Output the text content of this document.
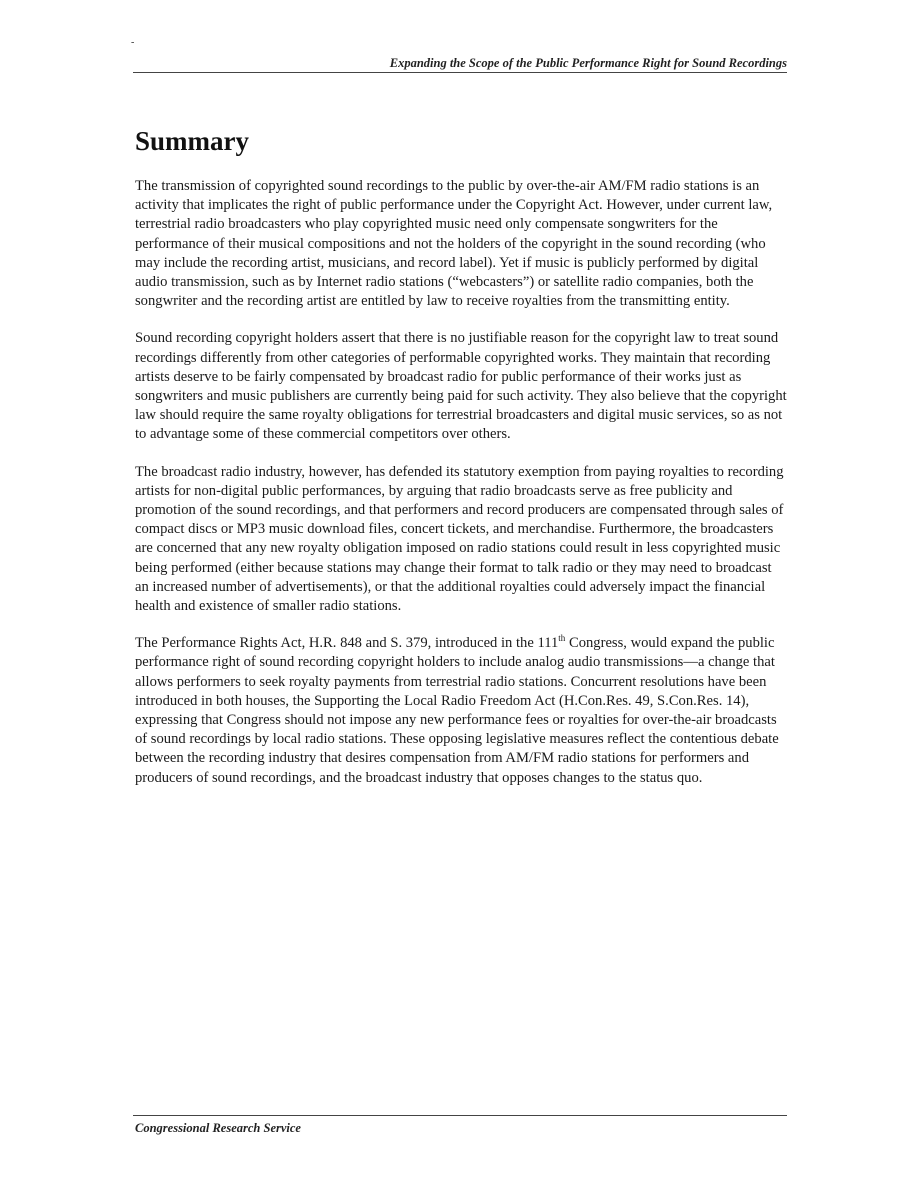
-
Expanding the Scope of the Public Performance Right for Sound Recordings
Summary

The transmission of copyrighted sound recordings to the public by over-the-air AM/FM radio stations is an activity that implicates the right of public performance under the Copyright Act. However, under current law, terrestrial radio broadcasters who play copyrighted music need only compensate songwriters for the performance of their musical compositions and not the holders of the copyright in the sound recording (who may include the recording artist, musicians, and record label). Yet if music is publicly performed by digital audio transmission, such as by Internet radio stations (“webcasters”) or satellite radio companies, both the songwriter and the recording artist are entitled by law to receive royalties from the transmitting entity.

Sound recording copyright holders assert that there is no justifiable reason for the copyright law to treat sound recordings differently from other categories of performable copyrighted works. They maintain that recording artists deserve to be fairly compensated by broadcast radio for public performance of their works just as songwriters and music publishers are currently being paid for such activity. They also believe that the copyright law should require the same royalty obligations for terrestrial broadcasters and digital music services, so as not to advantage some of these commercial competitors over others.

The broadcast radio industry, however, has defended its statutory exemption from paying royalties to recording artists for non-digital public performances, by arguing that radio broadcasts serve as free publicity and promotion of the sound recordings, and that performers and record producers are compensated through sales of compact discs or MP3 music download files, concert tickets, and merchandise. Furthermore, the broadcasters are concerned that any new royalty obligation imposed on radio stations could result in less copyrighted music being performed (either because stations may change their format to talk radio or they may need to broadcast an increased number of advertisements), or that the additional royalties could adversely impact the financial health and existence of smaller radio stations.

The Performance Rights Act, H.R. 848 and S. 379, introduced in the 111th Congress, would expand the public performance right of sound recording copyright holders to include analog audio transmissions—a change that allows performers to seek royalty payments from terrestrial radio stations. Concurrent resolutions have been introduced in both houses, the Supporting the Local Radio Freedom Act (H.Con.Res. 49, S.Con.Res. 14), expressing that Congress should not impose any new performance fees or royalties for over-the-air broadcasts of sound recordings by local radio stations. These opposing legislative measures reflect the contentious debate between the recording industry that desires compensation from AM/FM radio stations for performers and producers of sound recordings, and the broadcast industry that opposes changes to the status quo.

Congressional Research Service
